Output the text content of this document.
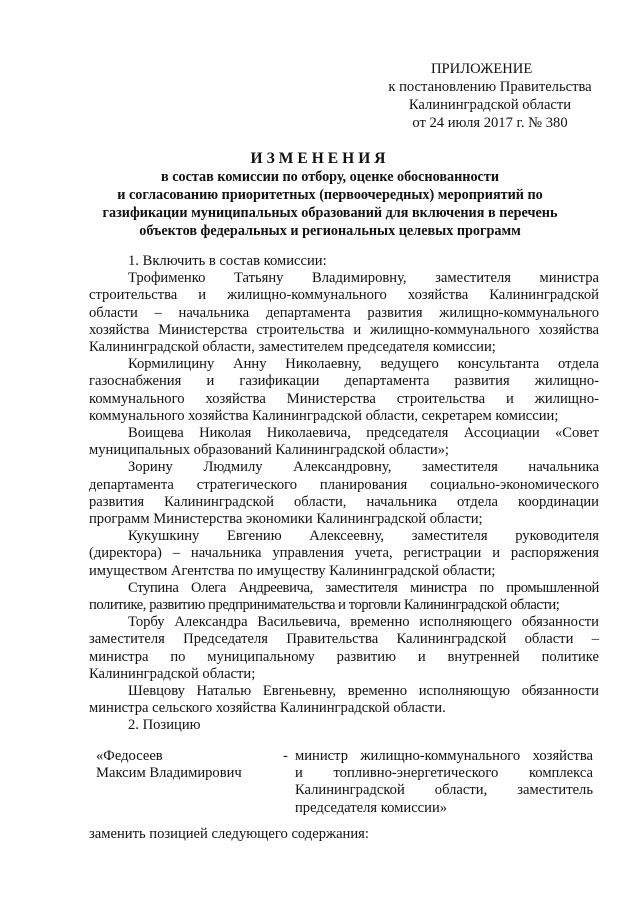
ПРИЛОЖЕНИЕ
к постановлению Правительства
Калининградской области
от 24 июля 2017 г. № 380
ИЗМЕНЕНИЯ
в состав комиссии по отбору, оценке обоснованности
и согласованию приоритетных (первоочередных) мероприятий по
газификации муниципальных образований для включения в перечень
объектов федеральных и региональных целевых программ

1. Включить в состав комиссии:

Трофименко Татьяну Владимировну, заместителя министра
строительства и жилищно-коммунального хозяйства Калининградской
области – начальника департамента развития жилищно-коммунального
хозяйства Министерства строительства и жилищно-коммунального хозяйства
Калининградской области, заместителем председателя комиссии;

Кормилицину Анну Николаевну, ведущего консультанта отдела
газоснабжения и газификации департамента развития жилищно-
коммунального хозяйства Министерства строительства и жилищно-
коммунального хозяйства Калининградской области, секретарем комиссии;

Воищева Николая Николаевича, председателя Ассоциации «Совет
муниципальных образований Калининградской области»;

Зорину Людмилу Александровну, заместителя начальника
департамента стратегического планирования социально-экономического
развития Калининградской области, начальника отдела координации
программ Министерства экономики Калининградской области;

Кукушкину Евгению Алексеевну, заместителя руководителя
(директора) – начальника управления учета, регистрации и распоряжения
имуществом Агентства по имуществу Калининградской области;

Ступина Олега Андреевича, заместителя министра по промышленной
политике, развитию предпринимательства и торговли Калининградской области;

Торбу Александра Васильевича, временно исполняющего обязанности
заместителя Председателя Правительства Калининградской области –
министра по муниципальному развитию и внутренней политике
Калининградской области;

Шевцову Наталью Евгеньевну, временно исполняющую обязанности
министра сельского хозяйства Калининградской области.

2. Позицию

«Федосеев
Максим Владимирович
- министр жилищно-коммунального хозяйства
и топливно-энергетического комплекса
Калининградской области, заместитель
председателя комиссии»
заменить позицией следующего содержания:
